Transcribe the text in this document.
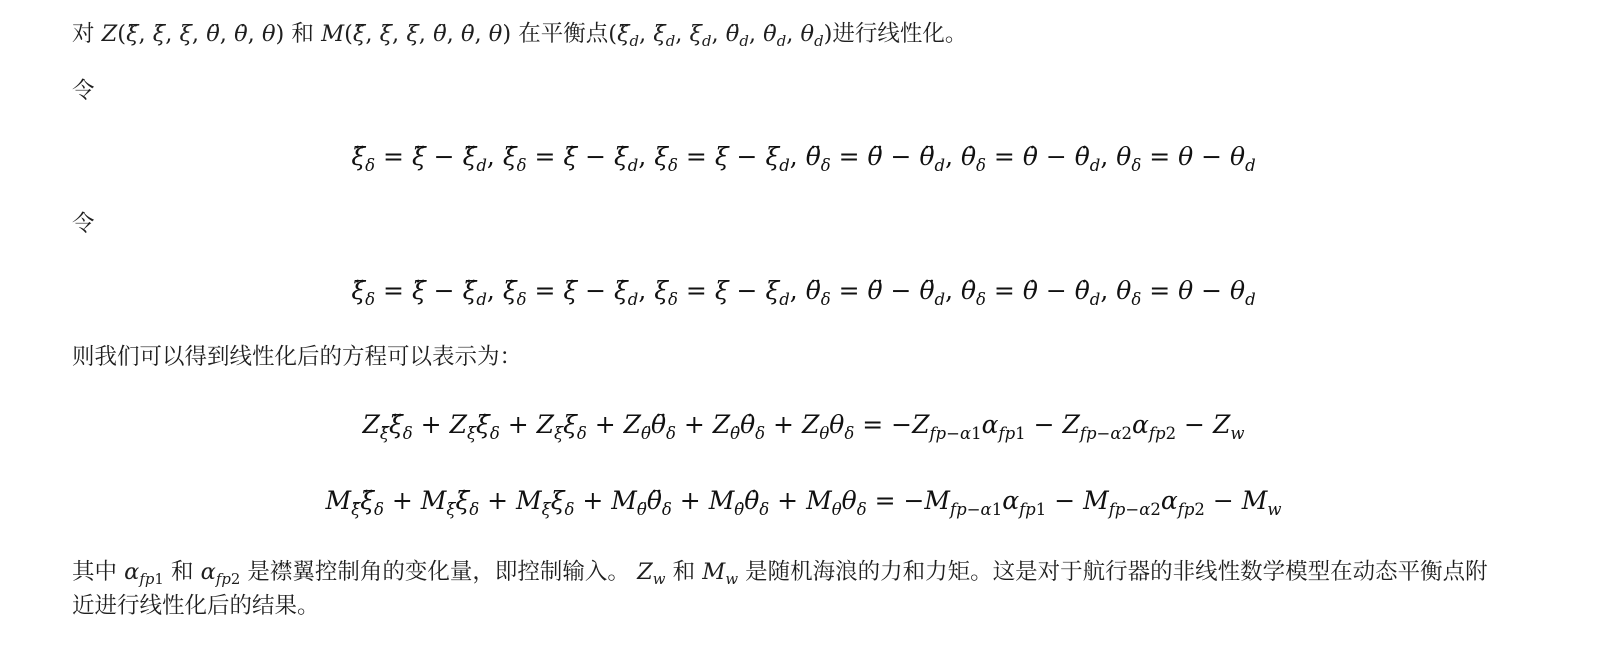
对 Z(ξ̈, ξ̇, ξ, θ̈, θ̇, θ) 和 M(ξ̈, ξ̇, ξ, θ̈, θ̇, θ) 在平衡点($\xï_d$, $\xi̇_d$, $\xi_d$, $\thetä_d$, $\thetȧ_d$, $\theta_d$)进行线性化。
令
$\xï_\delta$ = ξ̈ − $\xï_d$, $\xi̇_\delta$ = ξ̇ − $\xi̇_d$, $\xi_\delta = \xi - \xi_d$, $\thetä_\delta$ = θ̈ − $\thetä_d$, $\thetȧ_\delta$ = θ̇ − $\thetȧ_d$, $\theta_\delta = \theta - \theta_d$
令
$\xï_\delta$ = ξ̈ − $\xï_d$, $\xi̇_\delta$ = ξ̇ − $\xi̇_d$, $\xi_\delta = \xi - \xi_d$, $\thetä_\delta$ = θ̈ − $\thetä_d$, $\thetȧ_\delta$ = θ̇ − $\thetȧ_d$, $\theta_\delta = \theta - \theta_d$
则我们可以得到线性化后的方程可以表示为：
$Z_{\xï}\xï_\delta$ + $Z_{\xi̇}\xi̇_\delta + Z_\xi\xi_\delta$ + $Z_{\thetä}\thetä_\delta$ + $Z_{\thetȧ}\thetȧ_\delta + Z_\theta\theta_\delta = -Z_{fp-\alpha 1}\alpha_{fp1} - Z_{fp-\alpha 2}\alpha_{fp2} - Z_w$
$M_{\xï}\xï_\delta$ + $M_{\xi̇}\xi̇_\delta + M_\xi\xi_\delta$ + $M_{\thetä}\thetä_\delta$ + $M_{\thetȧ}\thetȧ_\delta + M_\theta\theta_\delta = -M_{fp-\alpha 1}\alpha_{fp1} - M_{fp-\alpha 2}\alpha_{fp2} - M_w$
其中 $\alpha_{fp1}$ 和 $\alpha_{fp2}$ 是襟翼控制角的变化量，即控制输入。 $Z_w$ 和 $M_w$ 是随机海浪的力和力矩。这是对于航行器的非线性数学模型在动态平衡点附近进行线性化后的结果。
